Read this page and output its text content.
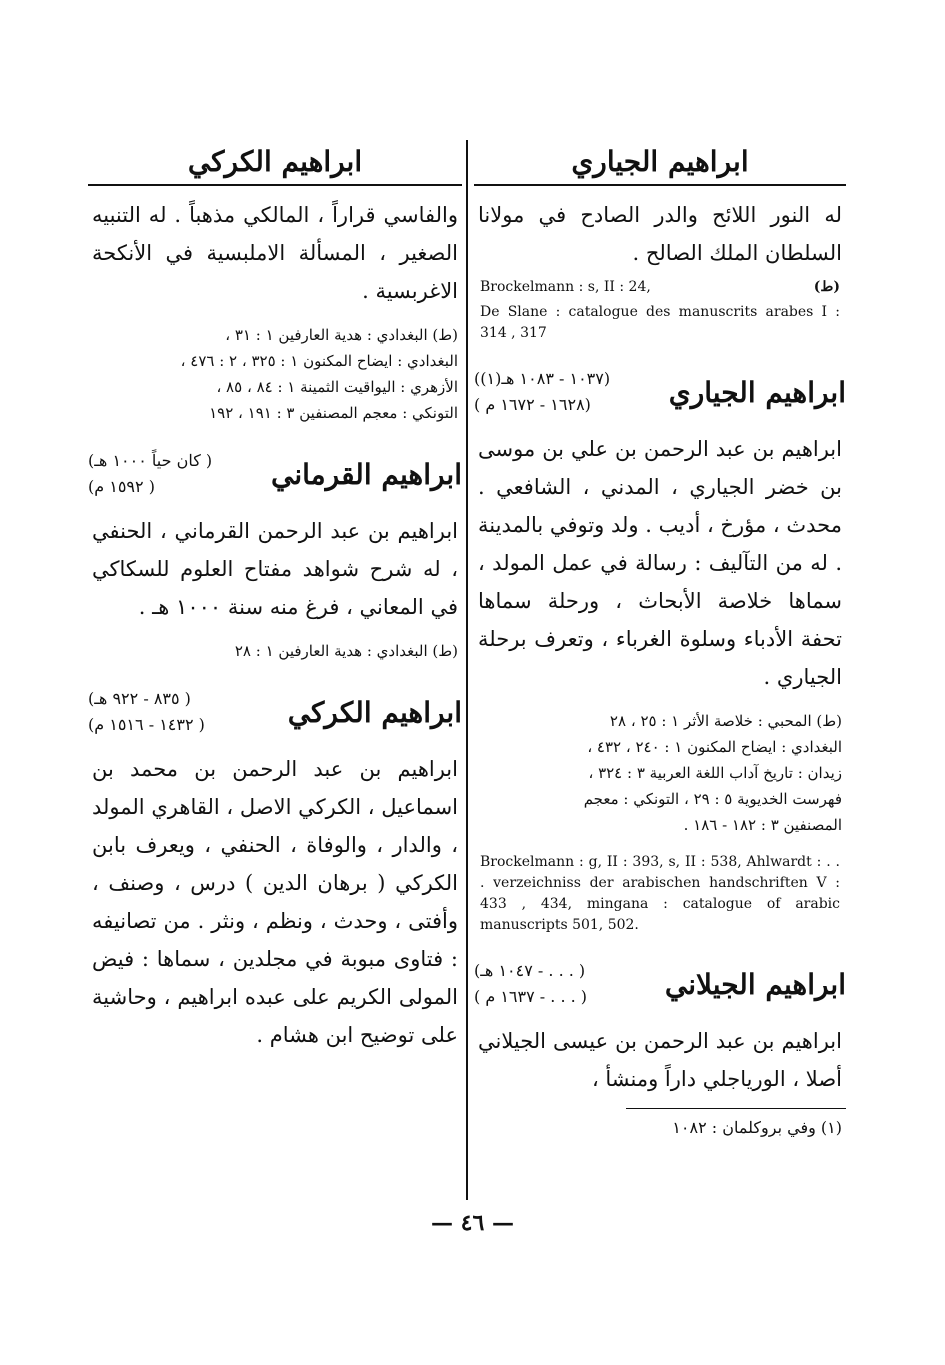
ابراهيم الجياري
له النور اللائح والدر الصادح في مولانا السلطان الملك الصالح .
Brockelmann : s, II : 24,	(ط)
De Slane : catalogue des manuscrits arabes I : 314 , 317
ابراهيم الجياري
(١٠٣٧ - ١٠٨٣ هـ(١))
(١٦٢٨ - ١٦٧٢ م )
ابراهيم بن عبد الرحمن بن علي بن موسى بن خضر الجياري ، المدني ، الشافعي . محدث ، مؤرخ ، أديب . ولد وتوفي بالمدينة . له من التآليف : رسالة في عمل المولد ، سماها خلاصة الأبحاث ، ورحلة سماها تحفة الأدباء وسلوة الغرباء ، وتعرف برحلة الجياري .
(ط) المحبي : خلاصة الأثر ١ : ٢٥ ، ٢٨
البغدادي : ايضاح المكنون ١ : ٢٤٠ ، ٤٣٢ ،
زيدان : تاريخ آداب اللغة العربية ٣ : ٣٢٤ ،
فهرست الخديوية ٥ : ٢٩ ، التونكي : معجم
المصنفين ٣ : ١٨٢ - ١٨٦ .
Brockelmann : g, II : 393, s, II : 538, Ahlwardt : . . . verzeichniss der arabischen handschriften V : 433 , 434, mingana : catalogue of arabic manuscripts 501, 502.
ابراهيم الجيلاني
( . . . - ١٠٤٧ هـ)
( . . . - ١٦٣٧ م )
ابراهيم بن عبد الرحمن بن عيسى الجيلاني أصلا ، الورياجلي داراً ومنشأ ،
(١) وفي بروكلمان : ١٠٨٢
ابراهيم الكركي
والفاسي قراراً ، المالكي مذهباً . له التنبيه الصغير ، المسألة الاملبسية في الأنكحة الاغربسية .
(ط) البغدادي : هدية العارفين ١ : ٣١ ،
البغدادي : ايضاح المكنون ١ : ٣٢٥ ، ٢ : ٤٧٦ ،
الأزهري : اليواقيت الثمينة ١ : ٨٤ ، ٨٥ ،
التونكي : معجم المصنفين ٣ : ١٩١ ، ١٩٢
ابراهيم القرماني
( كان حياً ١٠٠٠ هـ)
( ١٥٩٢ م)
ابراهيم بن عبد الرحمن القرماني ، الحنفي ، له شرح شواهد مفتاح العلوم للسكاكي في المعاني ، فرغ منه سنة ١٠٠٠ هـ .
(ط) البغدادي : هدية العارفين ١ : ٢٨
ابراهيم الكركي
( ٨٣٥ - ٩٢٢ هـ)
( ١٤٣٢ - ١٥١٦ م)
ابراهيم بن عبد الرحمن بن محمد بن اسماعيل ، الكركي الاصل ، القاهري المولد ، والدار ، والوفاة ، الحنفي ، ويعرف بابن الكركي ( برهان الدين ) درس ، وصنف ، وأفتى ، وحدث ، ونظم ، ونثر . من تصانيفه : فتاوى مبوبة في مجلدين ، سماها : فيض المولى الكريم على عبده ابراهيم ، وحاشية على توضيح ابن هشام .
— ٤٦ —
